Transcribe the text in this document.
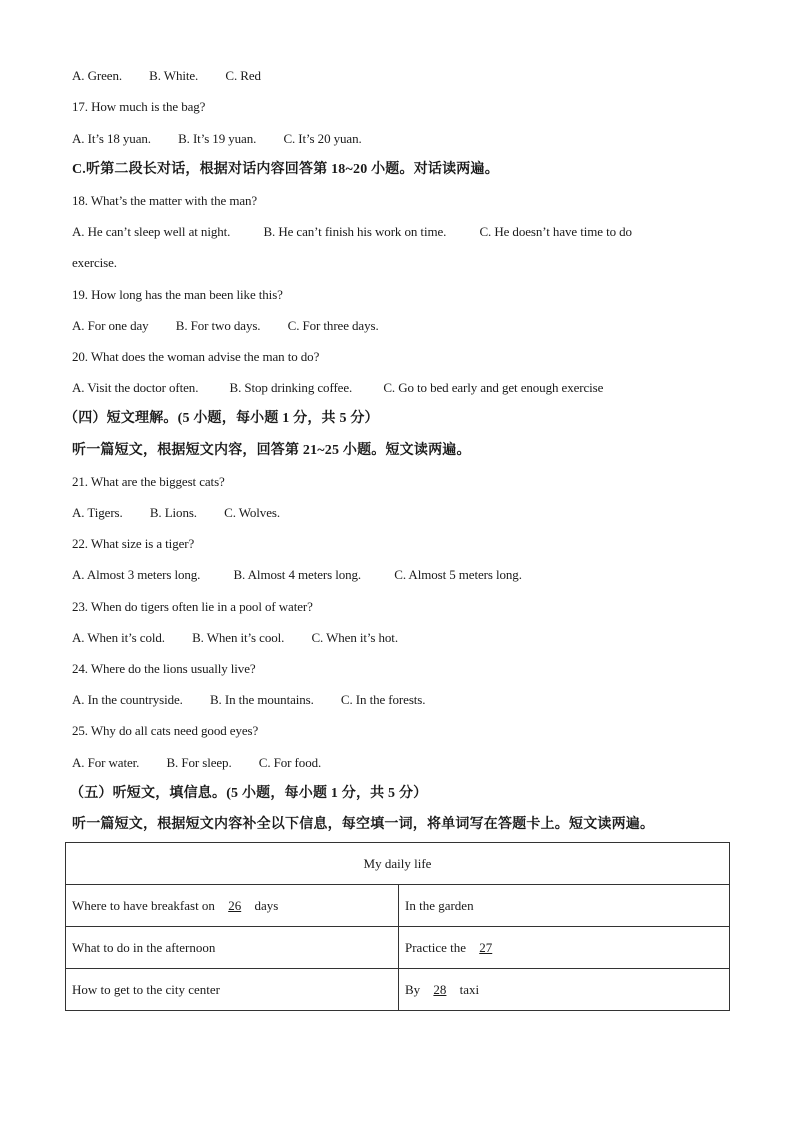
A. Green. B. White. C. Red
17. How much is the bag?
A. It’s 18 yuan. B. It’s 19 yuan. C. It’s 20 yuan.
C.听第二段长对话，根据对话内容回答第 18~20 小题。对话读两遍。
18. What’s the matter with the man?
A. He can’t sleep well at night.	B. He can’t finish his work on time.	C. He doesn’t have time to do
exercise.
19. How long has the man been like this?
A. For one day B. For two days. C. For three days.
20. What does the woman advise the man to do?
A. Visit the doctor often. B. Stop drinking coffee. C. Go to bed early and get enough exercise
（四）短文理解。(5 小题，每小题 1 分，共 5 分）
听一篇短文，根据短文内容，回答第 21~25 小题。短文读两遍。
21. What are the biggest cats?
A. Tigers. B. Lions. C. Wolves.
22. What size is a tiger?
A. Almost 3 meters long.	B. Almost 4 meters long.	C. Almost 5 meters long.
23. When do tigers often lie in a pool of water?
A. When it’s cold. B. When it’s cool. C. When it’s hot.
24. Where do the lions usually live?
A. In the countryside. B. In the mountains. C. In the forests.
25. Why do all cats need good eyes?
A. For water. B. For sleep. C. For food.
（五）听短文，填信息。(5 小题，每小题 1 分，共 5 分）
听一篇短文，根据短文内容补全以下信息，每空填一词，将单词写在答题卡上。短文读两遍。
My daily life	
Where to have breakfast on 26 days	In the garden
What to do in the afternoon	Practice the 27
How to get to the city center	By 28 taxi
